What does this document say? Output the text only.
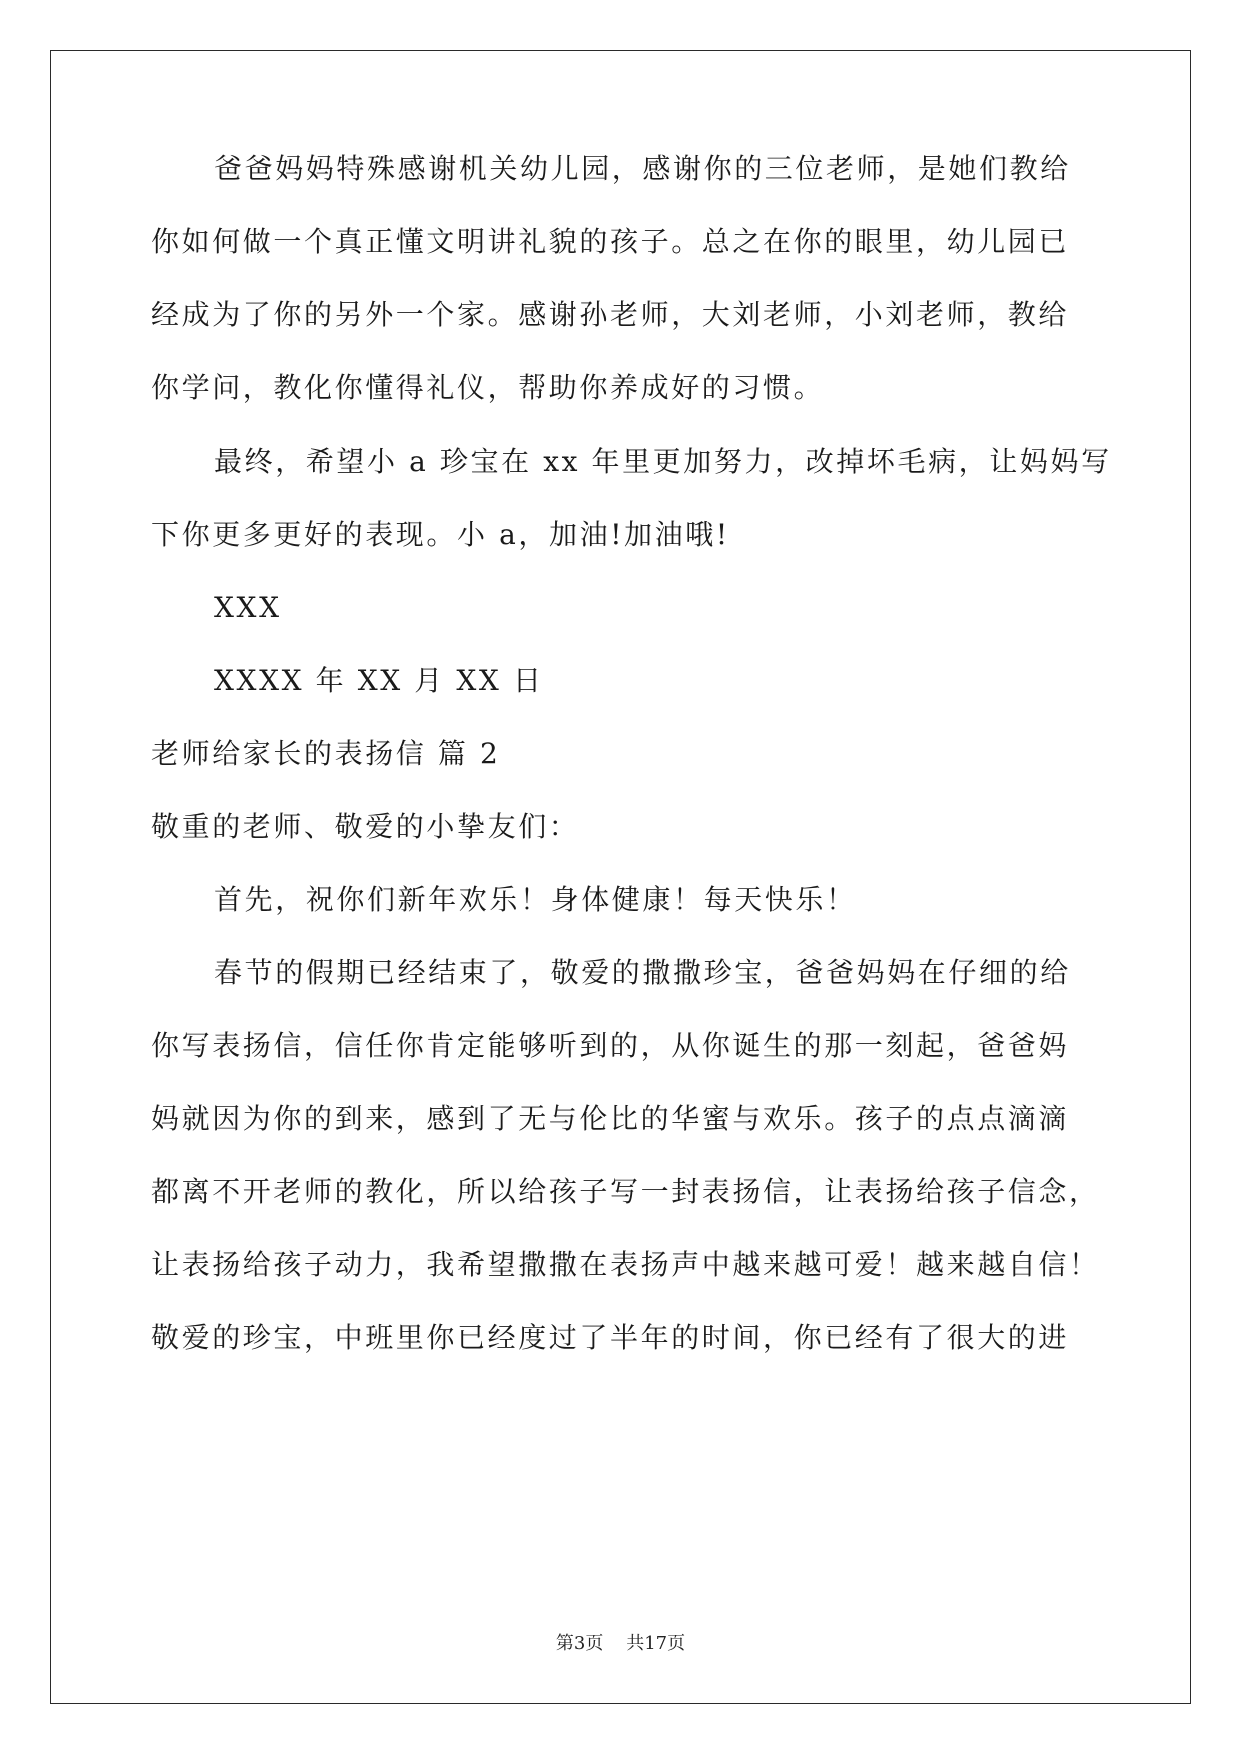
爸爸妈妈特殊感谢机关幼儿园，感谢你的三位老师，是她们教给
你如何做一个真正懂文明讲礼貌的孩子。总之在你的眼里，幼儿园已
经成为了你的另外一个家。感谢孙老师，大刘老师，小刘老师，教给
你学问，教化你懂得礼仪，帮助你养成好的习惯。
最终，希望小 a 珍宝在 xx 年里更加努力，改掉坏毛病，让妈妈写
下你更多更好的表现。小 a，加油!加油哦!
XXX
XXXX 年 XX 月 XX 日
老师给家长的表扬信 篇 2
敬重的老师、敬爱的小挚友们：
首先，祝你们新年欢乐！身体健康！每天快乐！
春节的假期已经结束了，敬爱的撒撒珍宝，爸爸妈妈在仔细的给
你写表扬信，信任你肯定能够听到的，从你诞生的那一刻起，爸爸妈
妈就因为你的到来，感到了无与伦比的华蜜与欢乐。孩子的点点滴滴
都离不开老师的教化，所以给孩子写一封表扬信，让表扬给孩子信念，
让表扬给孩子动力，我希望撒撒在表扬声中越来越可爱！越来越自信！
敬爱的珍宝，中班里你已经度过了半年的时间，你已经有了很大的进
第3页 共17页
